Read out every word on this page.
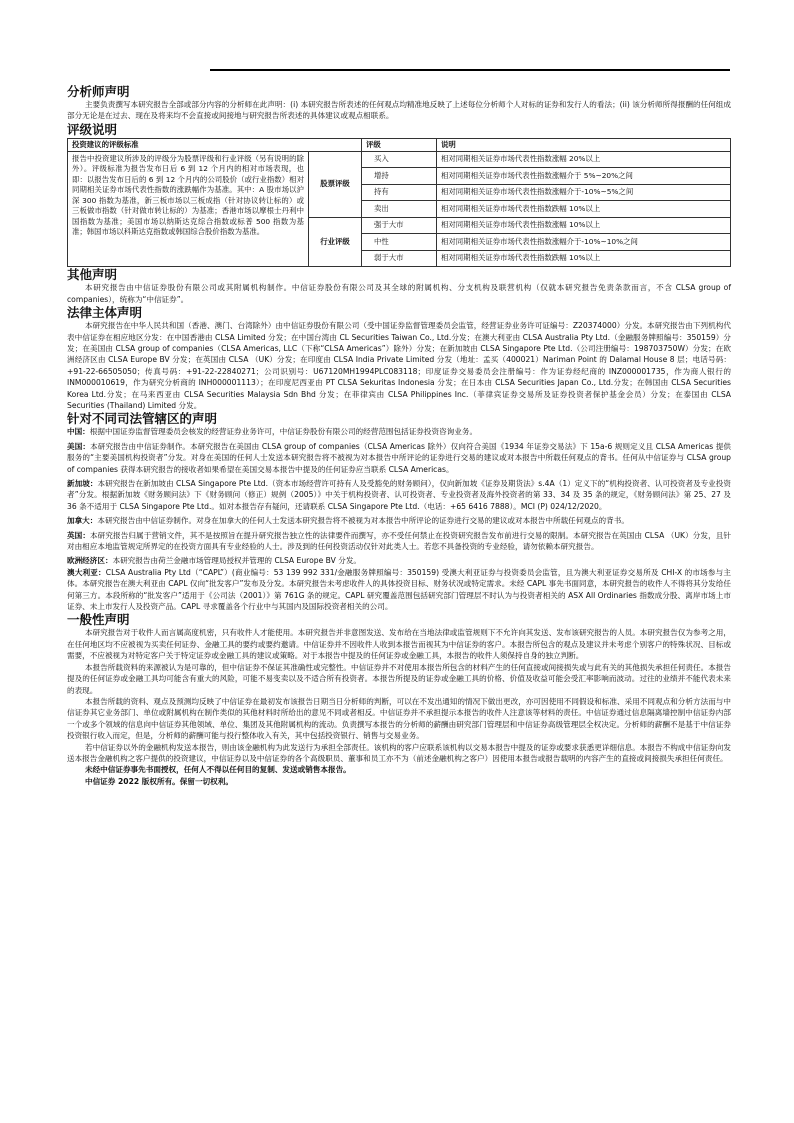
分析师声明

主要负责撰写本研究报告全部或部分内容的分析师在此声明：(i) 本研究报告所表述的任何观点均精准地反映了上述每位分析师个人对标的证券和发行人的看法；(ii) 该分析师所得报酬的任何组成部分无论是在过去、现在及将来均不会直接或间接地与研究报告所表述的具体建议或观点相联系。

评级说明
投资建议的评级标准		评级	说明
报告中投资建议所涉及的评级分为股票评级和行业评级（另有说明的除外）。评级标准为报告发布日后 6 到 12 个月内的相对市场表现，也即：以报告发布日后的 6 到 12 个月内的公司股价（或行业指数）相对同期相关证券市场代表性指数的涨跌幅作为基准。其中：A 股市场以沪深 300 指数为基准，新三板市场以三板成指（针对协议转让标的）或三板做市指数（针对做市转让标的）为基准；香港市场以摩根士丹利中国指数为基准；美国市场以纳斯达克综合指数或标普 500 指数为基准；韩国市场以科斯达克指数或韩国综合股价指数为基准。	股票评级	买入	相对同期相关证券市场代表性指数涨幅 20%以上
		增持	相对同期相关证券市场代表性指数涨幅介于 5%~20%之间
		持有	相对同期相关证券市场代表性指数涨幅介于-10%~5%之间
		卖出	相对同期相关证券市场代表性指数跌幅 10%以上
	行业评级	强于大市	相对同期相关证券市场代表性指数涨幅 10%以上
		中性	相对同期相关证券市场代表性指数涨幅介于-10%~10%之间
		弱于大市	相对同期相关证券市场代表性指数跌幅 10%以上
其他声明

本研究报告由中信证券股份有限公司或其附属机构制作。中信证券股份有限公司及其全球的附属机构、分支机构及联营机构（仅就本研究报告免责条款而言，不含 CLSA group of companies），统称为“中信证券”。

法律主体声明

本研究报告在中华人民共和国（香港、澳门、台湾除外）由中信证券股份有限公司（受中国证券监督管理委员会监管，经营证券业务许可证编号：Z20374000）分发。本研究报告由下列机构代表中信证券在相应地区分发：在中国香港由 CLSA Limited 分发；在中国台湾由 CL Securities Taiwan Co., Ltd.分发；在澳大利亚由 CLSA Australia Pty Ltd.（金融服务牌照编号：350159）分发；在美国由 CLSA group of companies（CLSA Americas, LLC（下称“CLSA Americas”）除外）分发；在新加坡由 CLSA Singapore Pte Ltd.（公司注册编号：198703750W）分发；在欧洲经济区由 CLSA Europe BV 分发；在英国由 CLSA （UK）分发；在印度由 CLSA India Private Limited 分发（地址：孟买（400021）Nariman Point 的 Dalamal House 8 层；电话号码：+91-22-66505050；传真号码：+91-22-22840271；公司识别号：U67120MH1994PLC083118；印度证券交易委员会注册编号：作为证券经纪商的 INZ000001735，作为商人银行的 INM000010619，作为研究分析商的 INH000001113）；在印度尼西亚由 PT CLSA Sekuritas Indonesia 分发；在日本由 CLSA Securities Japan Co., Ltd.分发；在韩国由 CLSA Securities Korea Ltd.分发；在马来西亚由 CLSA Securities Malaysia Sdn Bhd 分发；在菲律宾由 CLSA Philippines Inc.（菲律宾证券交易所及证券投资者保护基金会员）分发；在泰国由 CLSA Securities (Thailand) Limited 分发。

针对不同司法管辖区的声明

中国：根据中国证券监督管理委员会核发的经营证券业务许可，中信证券股份有限公司的经营范围包括证券投资咨询业务。

美国：本研究报告由中信证券制作。本研究报告在美国由 CLSA group of companies（CLSA Americas 除外）仅向符合美国《1934 年证券交易法》下 15a-6 规则定义且 CLSA Americas 提供服务的“主要美国机构投资者”分发。对身在美国的任何人士发送本研究报告将不被视为对本报告中所评论的证券进行交易的建议或对本报告中所载任何观点的背书。任何从中信证券与 CLSA group of companies 获得本研究报告的接收者如果希望在美国交易本报告中提及的任何证券应当联系 CLSA Americas。

新加坡：本研究报告在新加坡由 CLSA Singapore Pte Ltd.（资本市场经营许可持有人及受豁免的财务顾问），仅向新加坡《证券及期货法》s.4A（1）定义下的“机构投资者、认可投资者及专业投资者”分发。根据新加坡《财务顾问法》下《财务顾问（修正）规例（2005）》中关于机构投资者、认可投资者、专业投资者及海外投资者的第 33、34 及 35 条的规定，《财务顾问法》第 25、27 及 36 条不适用于 CLSA Singapore Pte Ltd.。如对本报告存有疑问，还请联系 CLSA Singapore Pte Ltd.（电话：+65 6416 7888）。MCI (P) 024/12/2020。

加拿大：本研究报告由中信证券制作。对身在加拿大的任何人士发送本研究报告将不被视为对本报告中所评论的证券进行交易的建议或对本报告中所载任何观点的背书。

英国：本研究报告归属于营销文件，其不是按照旨在提升研究报告独立性的法律要件而撰写，亦不受任何禁止在投资研究报告发布前进行交易的限制。本研究报告在英国由 CLSA （UK）分发，且针对由相应本地监管规定所界定的在投资方面具有专业经验的人士。涉及到的任何投资活动仅针对此类人士。若您不具备投资的专业经验，请勿依赖本研究报告。

欧洲经济区：本研究报告由荷兰金融市场管理局授权并管理的 CLSA Europe BV 分发。

澳大利亚：CLSA Australia Pty Ltd（“CAPL”）(商业编号：53 139 992 331/金融服务牌照编号：350159) 受澳大利亚证券与投资委员会监管，且为澳大利亚证券交易所及 CHI-X 的市场参与主体。本研究报告在澳大利亚由 CAPL 仅向“批发客户”发布及分发。本研究报告未考虑收件人的具体投资目标、财务状况或特定需求。未经 CAPL 事先书面同意，本研究报告的收件人不得将其分发给任何第三方。本段所称的“批发客户”适用于《公司法（2001）》第 761G 条的规定。CAPL 研究覆盖范围包括研究部门管理层不时认为与投资者相关的 ASX All Ordinaries 指数成分股、离岸市场上市证券、未上市发行人及投资产品。CAPL 寻求覆盖各个行业中与其国内及国际投资者相关的公司。

一般性声明

本研究报告对于收件人而言属高度机密，只有收件人才能使用。本研究报告并非意图发送、发布给在当地法律或监管规则下不允许向其发送、发布该研究报告的人员。本研究报告仅为参考之用，在任何地区均不应被视为买卖任何证券、金融工具的要约或要约邀请。中信证券并不因收件人收到本报告而视其为中信证券的客户。本报告所包含的观点及建议并未考虑个别客户的特殊状况、目标或需要，不应被视为对特定客户关于特定证券或金融工具的建议或策略。对于本报告中提及的任何证券或金融工具，本报告的收件人须保持自身的独立判断。

本报告所载资料的来源被认为是可靠的，但中信证券不保证其准确性或完整性。中信证券并不对使用本报告所包含的材料产生的任何直接或间接损失或与此有关的其他损失承担任何责任。本报告提及的任何证券或金融工具均可能含有重大的风险，可能不易变卖以及不适合所有投资者。本报告所提及的证券或金融工具的价格、价值及收益可能会受汇率影响而波动。过往的业绩并不能代表未来的表现。

本报告所载的资料、观点及预测均反映了中信证券在最初发布该报告日期当日分析师的判断，可以在不发出通知的情况下做出更改，亦可因使用不同假设和标准、采用不同观点和分析方法而与中信证券其它业务部门、单位或附属机构在制作类似的其他材料时所给出的意见不同或者相反。中信证券并不承担提示本报告的收件人注意该等材料的责任。中信证券通过信息隔离墙控制中信证券内部一个或多个领域的信息向中信证券其他领域、单位、集团及其他附属机构的流动。负责撰写本报告的分析师的薪酬由研究部门管理层和中信证券高级管理层全权决定。分析师的薪酬不是基于中信证券投资银行收入而定，但是，分析师的薪酬可能与投行整体收入有关，其中包括投资银行、销售与交易业务。

若中信证券以外的金融机构发送本报告，则由该金融机构为此发送行为承担全部责任。该机构的客户应联系该机构以交易本报告中提及的证券或要求获悉更详细信息。本报告不构成中信证券向发送本报告金融机构之客户提供的投资建议，中信证券以及中信证券的各个高级职员、董事和员工亦不为（前述金融机构之客户）因使用本报告或报告载明的内容产生的直接或间接损失承担任何责任。

未经中信证券事先书面授权，任何人不得以任何目的复制、发送或销售本报告。

中信证券 2022 版权所有。保留一切权利。
